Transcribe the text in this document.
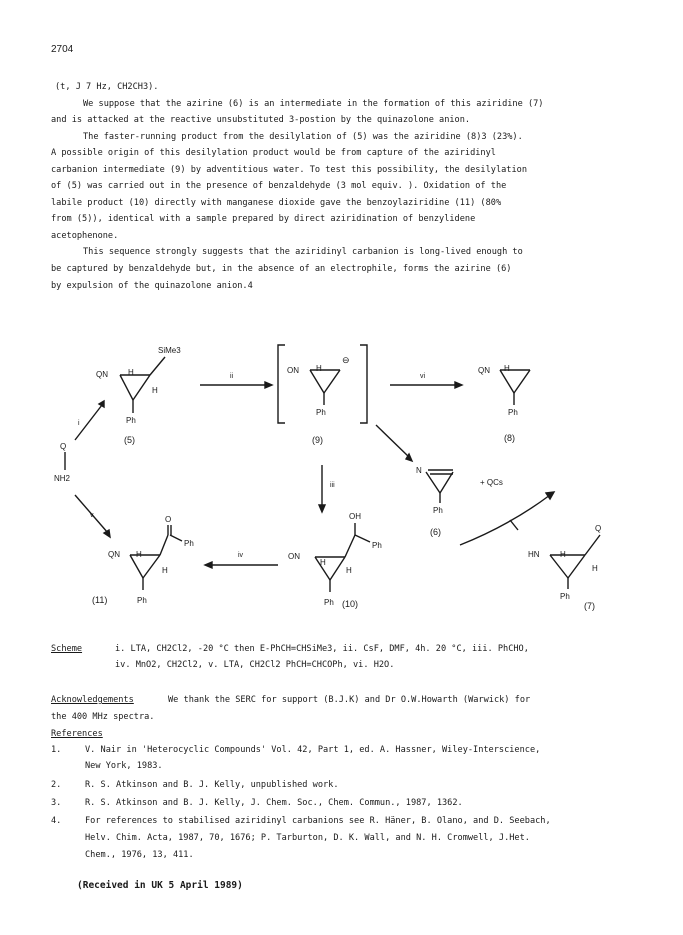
2704
(t, J 7 Hz, CH2CH3).
We suppose that the azirine (6) is an intermediate in the formation of this aziridine (7)
and is attacked at the reactive unsubstituted 3-postion by the quinazolone anion.
The faster-running product from the desilylation of (5) was the aziridine (8)3 (23%).
A possible origin of this desilylation product would be from capture of the aziridinyl
carbanion intermediate (9) by adventitious water. To test this possibility, the desilylation
of (5) was carried out in the presence of benzaldehyde (3 mol equiv. ). Oxidation of the
labile product (10) directly with manganese dioxide gave the benzoylaziridine (11) (80%
from (5)), identical with a sample prepared by direct aziridination of benzylidene
acetophenone.
This sequence strongly suggests that the aziridinyl carbanion is long-lived enough to
be captured by benzaldehyde but, in the absence of an electrophile, forms the azirine (6)
by expulsion of the quinazolone anion.4
SiMe3
QN	H
H
Ph
(5)
ii
ON H
⊖
Ph
(9)
vi
QN H
Ph
(8)
i
Q
NH2
v
iii
N
Ph
(6)
+ QCs
Q
HN	H
H
Ph
(7)
O
Ph
QN H
H
(11)	Ph
iv
OH
Ph
ON
H
H
Ph (10)
Scheme	i. LTA, CH2Cl2, -20 °C then E-PhCH=CHSiMe3, ii. CsF, DMF, 4h. 20 °C, iii. PhCHO,
iv. MnO2, CH2Cl2, v. LTA, CH2Cl2 PhCH=CHCOPh, vi. H2O.
Acknowledgements	We thank the SERC for support (B.J.K) and Dr O.W.Howarth (Warwick) for
the 400 MHz spectra.
References
1.	V. Nair in 'Heterocyclic Compounds' Vol. 42, Part 1, ed. A. Hassner, Wiley-Interscience,
New York, 1983.
2.	R. S. Atkinson and B. J. Kelly, unpublished work.
3.	R. S. Atkinson and B. J. Kelly, J. Chem. Soc., Chem. Commun., 1987, 1362.
4.	For references to stabilised aziridinyl carbanions see R. Häner, B. Olano, and D. Seebach,
Helv. Chim. Acta, 1987, 70, 1676; P. Tarburton, D. K. Wall, and N. H. Cromwell, J.Het.
Chem., 1976, 13, 411.
(Received in UK 5 April 1989)
